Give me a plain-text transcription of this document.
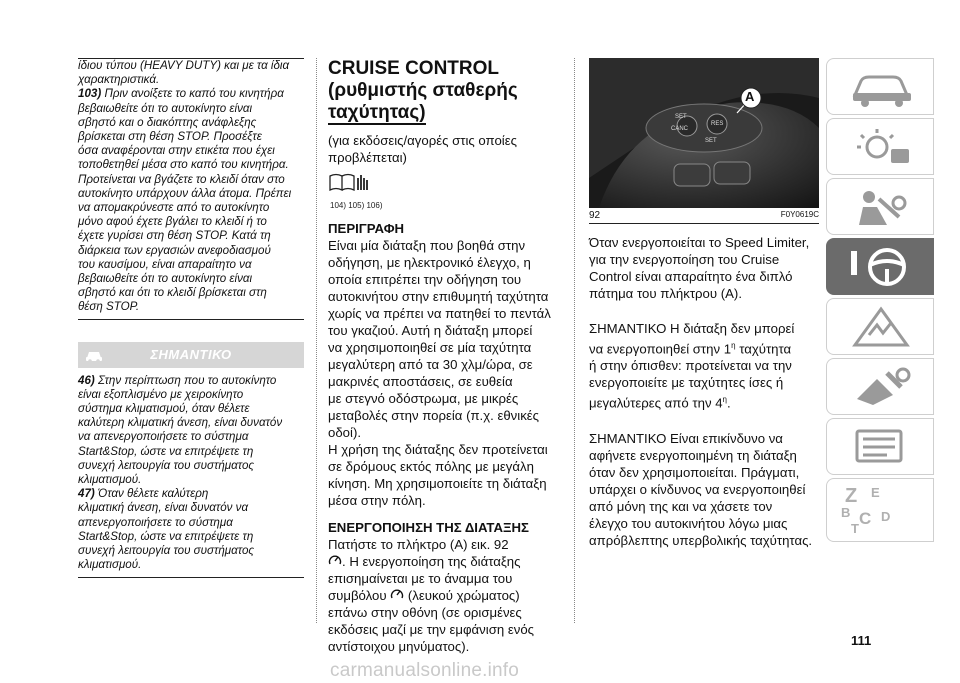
ίδιου τύπου (HEAVY DUTY) και με τα ίδια

χαρακτηριστικά.

103) Πριν ανοίξετε το καπό του κινητήρα

βεβαιωθείτε ότι το αυτοκίνητο είναι

σβηστό και ο διακόπτης ανάφλεξης

βρίσκεται στη θέση STOP. Προσέξτε

όσα αναφέρονται στην ετικέτα που έχει

τοποθετηθεί μέσα στο καπό του κινητήρα.

Προτείνεται να βγάζετε το κλειδί όταν στο

αυτοκίνητο υπάρχουν άλλα άτομα. Πρέπει

να απομακρύνεστε από το αυτοκίνητο

μόνο αφού έχετε βγάλει το κλειδί ή το

έχετε γυρίσει στη θέση STOP. Κατά τη

διάρκεια των εργασιών ανεφοδιασμού

του καυσίμου, είναι απαραίτητο να

βεβαιωθείτε ότι το αυτοκίνητο είναι

σβηστό και ότι το κλειδί βρίσκεται στη

θέση STOP.

ΣΗΜΑΝΤΙΚΟ

46) Στην περίπτωση που το αυτοκίνητο

είναι εξοπλισμένο με χειροκίνητο

σύστημα κλιματισμού, όταν θέλετε

καλύτερη κλιματική άνεση, είναι δυνατόν

να απενεργοποιήσετε το σύστημα

Start&Stop, ώστε να επιτρέψετε τη

συνεχή λειτουργία του συστήματος

κλιματισμού.

47) Όταν θέλετε καλύτερη

κλιματική άνεση, είναι δυνατόν να

απενεργοποιήσετε το σύστημα

Start&Stop, ώστε να επιτρέψετε τη

συνεχή λειτουργία του συστήματος

κλιματισμού.

CRUISE CONTROL

(ρυθμιστής σταθερής

ταχύτητας)

(για εκδόσεις/αγορές στις οποίες

προβλέπεται)

104) 105) 106)

ΠΕΡΙΓΡΑΦΗ

Είναι μία διάταξη που βοηθά στην

οδήγηση, με ηλεκτρονικό έλεγχο, η

οποία επιτρέπει την οδήγηση του

αυτοκινήτου στην επιθυμητή ταχύτητα

χωρίς να πρέπει να πατηθεί το πεντάλ

του γκαζιού. Αυτή η διάταξη μπορεί

να χρησιμοποιηθεί σε μία ταχύτητα

μεγαλύτερη από τα 30 χλμ/ώρα, σε

μακρινές αποστάσεις, σε ευθεία

με στεγνό οδόστρωμα, με μικρές

μεταβολές στην πορεία (π.χ. εθνικές

οδοί).

Η χρήση της διάταξης δεν προτείνεται

σε δρόμους εκτός πόλης με μεγάλη

κίνηση. Μη χρησιμοποιείτε τη διάταξη

μέσα στην πόλη.

ΕΝΕΡΓΟΠΟΙΗΣΗ ΤΗΣ ΔΙΑΤΑΞΗΣ

Πατήστε το πλήκτρο (A) εικ. 92

. Η ενεργοποίηση της διάταξης

επισημαίνεται με το άναμμα του

συμβόλου  (λευκού χρώματος)

επάνω στην οθόνη (σε ορισμένες

εκδόσεις μαζί με την εμφάνιση ενός

αντίστοιχου μηνύματος).

A
SET
CANC
RES
SET
92	F0Y0619C

Όταν ενεργοποιείται το Speed Limiter,

για την ενεργοποίηση του Cruise

Control είναι απαραίτητο ένα διπλό

πάτημα του πλήκτρου (A).

ΣΗΜΑΝΤΙΚΟ Η διάταξη δεν μπορεί

να ενεργοποιηθεί στην $1^\eta$ ταχύτητα

ή στην όπισθεν: προτείνεται να την

ενεργοποιείτε με ταχύτητες ίσες ή

μεγαλύτερες από την $4^\eta$.

ΣΗΜΑΝΤΙΚΟ Είναι επικίνδυνο να

αφήνετε ενεργοποιημένη τη διάταξη

όταν δεν χρησιμοποιείται. Πράγματι,

υπάρχει ο κίνδυνος να ενεργοποιηθεί

από μόνη της και να χάσετε τον

έλεγχο του αυτοκινήτου λόγω μιας

απρόβλεπτης υπερβολικής ταχύτητας.

Z E
B C D
T
111
carmanualsonline.info
